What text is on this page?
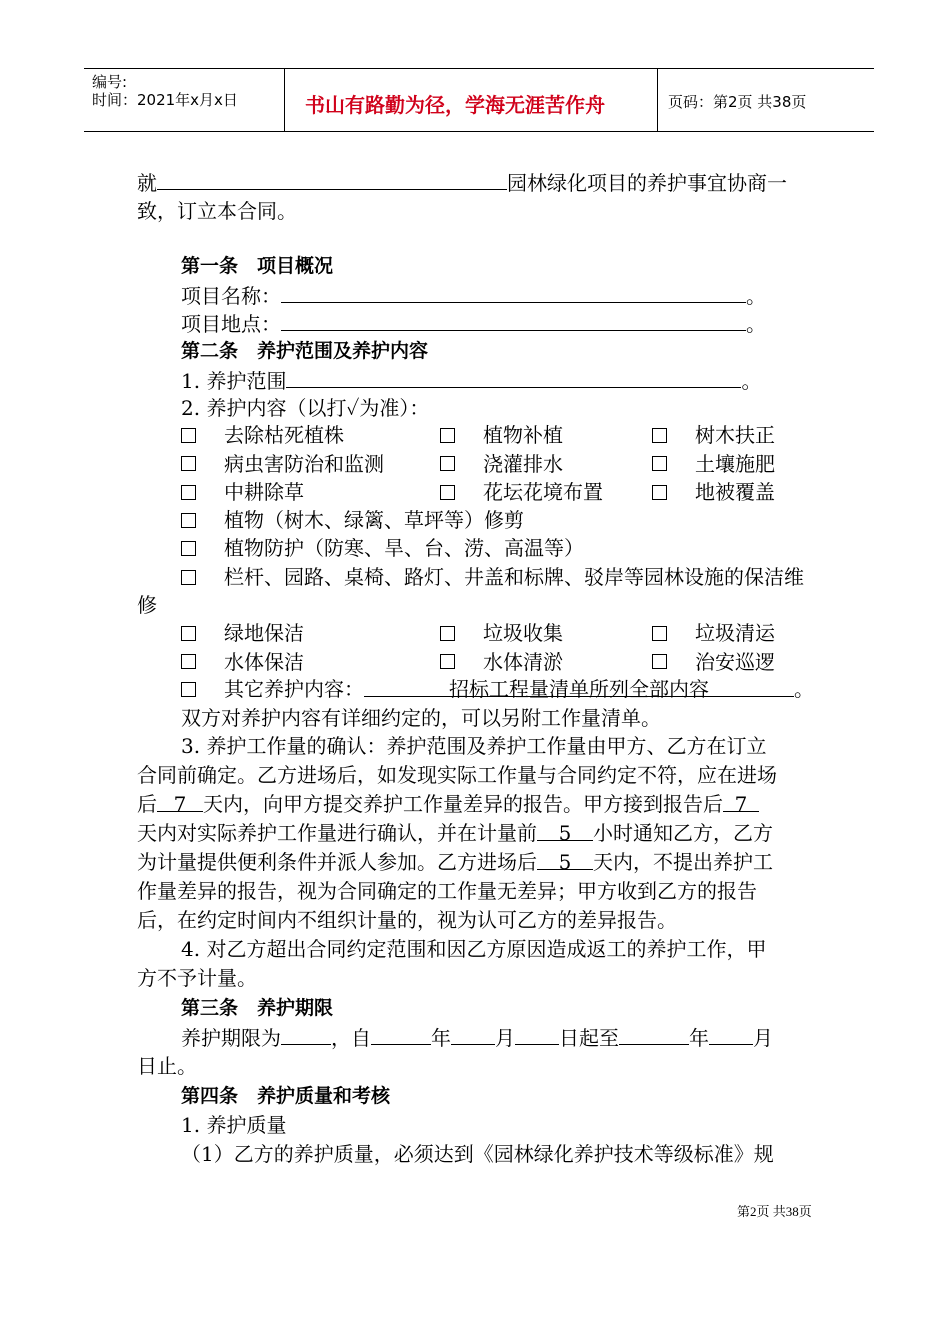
编号:
时间：2021年x月x日	书山有路勤为径，学海无涯苦作舟	页码：第2页 共38页
就	园林绿化项目的养护事宜协商一
致，订立本合同。
第一条　项目概况
项目名称：	。
项目地点：	。
第二条　养护范围及养护内容
1. 养护范围	。
2. 养护内容（以打✓为准）：
去除枯死植株	植物补植	树木扶正
病虫害防治和监测	浇灌排水	土壤施肥
中耕除草	花坛花境布置	地被覆盖
植物（树木、绿篱、草坪等）修剪
植物防护（防寒、旱、台、涝、高温等）
栏杆、园路、桌椅、路灯、井盖和标牌、驳岸等园林设施的保洁维
修
绿地保洁	垃圾收集	垃圾清运
水体保洁	水体清淤	治安巡逻
其它养护内容：	招标工程量清单所列全部内容	。
双方对养护内容有详细约定的，可以另附工作量清单。
3. 养护工作量的确认：养护范围及养护工作量由甲方、乙方在订立
合同前确定。乙方进场后，如发现实际工作量与合同约定不符，应在进场
后 7 天内，向甲方提交养护工作量差异的报告。甲方接到报告后 7
天内对实际养护工作量进行确认，并在计量前 5 小时通知乙方，乙方
为计量提供便利条件并派人参加。乙方进场后 5 天内，不提出养护工
作量差异的报告，视为合同确定的工作量无差异；甲方收到乙方的报告
后，在约定时间内不组织计量的，视为认可乙方的差异报告。
4. 对乙方超出合同约定范围和因乙方原因造成返工的养护工作，甲
方不予计量。
第三条　养护期限
养护期限为	，自	年 月 日起至	年 月
日止。
第四条　养护质量和考核
1. 养护质量
（1）乙方的养护质量，必须达到《园林绿化养护技术等级标准》规
第2页 共38页
